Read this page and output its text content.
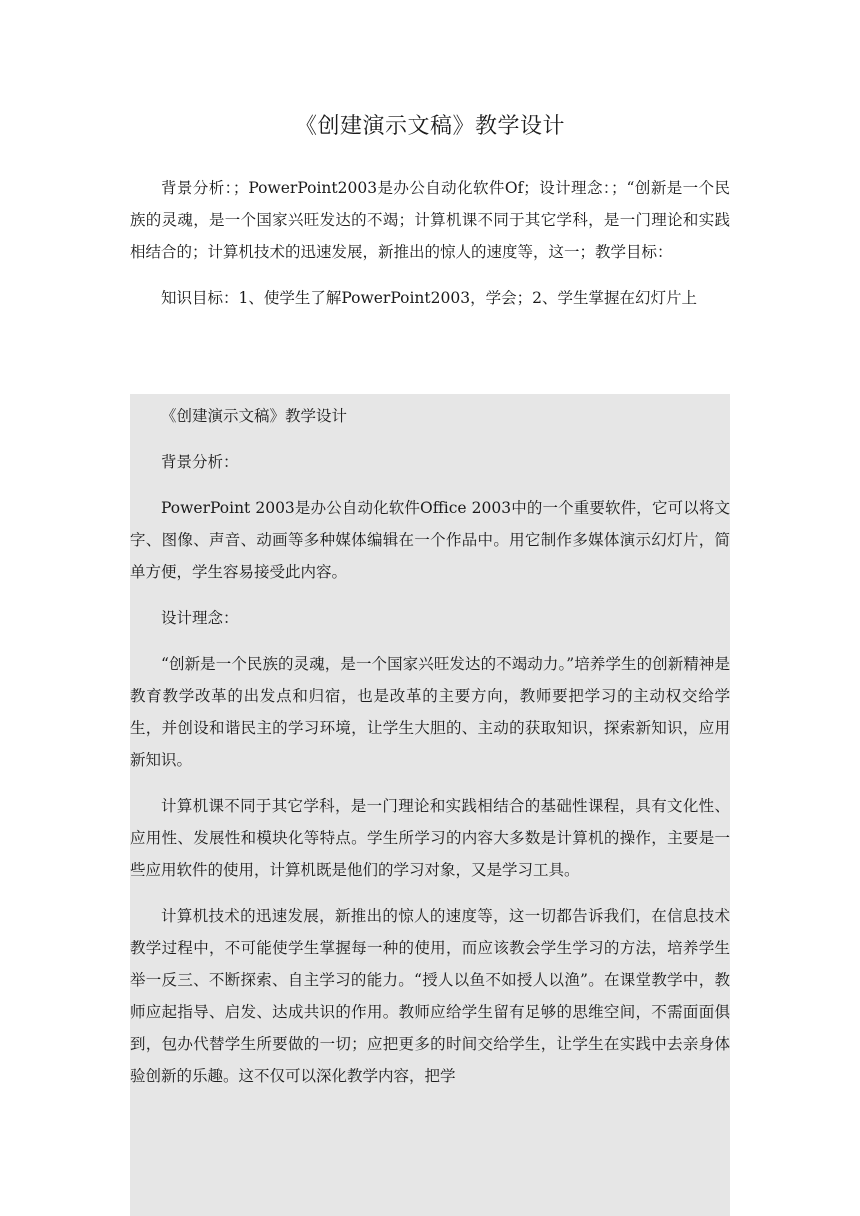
《创建演示文稿》教学设计

背景分析：；PowerPoint2003是办公自动化软件Of；设计理念：；“创新是一个民族的灵魂，是一个国家兴旺发达的不竭；计算机课不同于其它学科，是一门理论和实践相结合的；计算机技术的迅速发展，新推出的惊人的速度等，这一；教学目标：

知识目标：1、使学生了解PowerPoint2003，学会；2、学生掌握在幻灯片上

《创建演示文稿》教学设计

背景分析：

PowerPoint 2003是办公自动化软件Office 2003中的一个重要软件，它可以将文字、图像、声音、动画等多种媒体编辑在一个作品中。用它制作多媒体演示幻灯片，简单方便，学生容易接受此内容。

设计理念：

“创新是一个民族的灵魂，是一个国家兴旺发达的不竭动力。”培养学生的创新精神是教育教学改革的出发点和归宿，也是改革的主要方向，教师要把学习的主动权交给学生，并创设和谐民主的学习环境，让学生大胆的、主动的获取知识，探索新知识，应用新知识。

计算机课不同于其它学科，是一门理论和实践相结合的基础性课程，具有文化性、应用性、发展性和模块化等特点。学生所学习的内容大多数是计算机的操作，主要是一些应用软件的使用，计算机既是他们的学习对象，又是学习工具。

计算机技术的迅速发展，新推出的惊人的速度等，这一切都告诉我们，在信息技术教学过程中，不可能使学生掌握每一种的使用，而应该教会学生学习的方法，培养学生举一反三、不断探索、自主学习的能力。“授人以鱼不如授人以渔”。在课堂教学中，教师应起指导、启发、达成共识的作用。教师应给学生留有足够的思维空间，不需面面俱到，包办代替学生所要做的一切；应把更多的时间交给学生，让学生在实践中去亲身体验创新的乐趣。这不仅可以深化教学内容，把学
